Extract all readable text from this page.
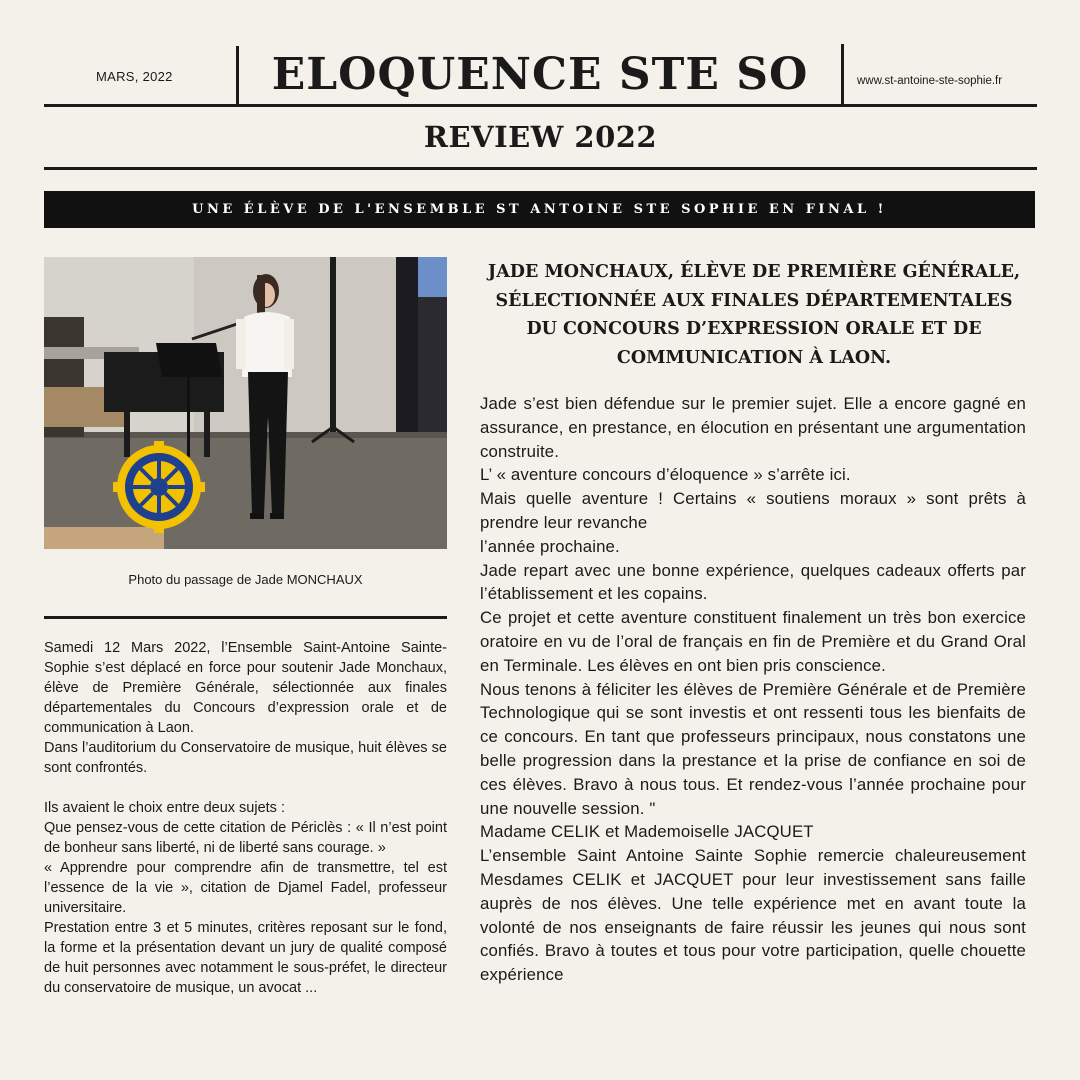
MARS, 2022	ELOQUENCE STE SO	www.st-antoine-ste-sophie.fr
REVIEW 2022
UNE ÉLÈVE DE L'ENSEMBLE ST ANTOINE STE SOPHIE EN FINAL !
Photo du passage de Jade MONCHAUX

Samedi 12 Mars 2022, l’Ensemble Saint-Antoine Sainte-Sophie s’est déplacé en force pour soutenir Jade Monchaux, élève de Première Générale, sélectionnée aux finales départementales du Concours d’expression orale et de communication à Laon.

Dans l’auditorium du Conservatoire de musique, huit élèves se sont confrontés.

Ils avaient le choix entre deux sujets :

Que pensez-vous de cette citation de Périclès : « Il n’est point de bonheur sans liberté, ni de liberté sans courage. »

« Apprendre pour comprendre afin de transmettre, tel est l’essence de la vie », citation de Djamel Fadel, professeur universitaire.

Prestation entre 3 et 5 minutes, critères reposant sur le fond, la forme et la présentation devant un jury de qualité composé de huit personnes avec notamment le sous-préfet, le directeur du conservatoire de musique, un avocat ...

JADE MONCHAUX, ÉLÈVE DE PREMIÈRE GÉNÉRALE, SÉLECTIONNÉE AUX FINALES DÉPARTEMENTALES DU CONCOURS D’EXPRESSION ORALE ET DE COMMUNICATION À LAON.

Jade s’est bien défendue sur le premier sujet. Elle a encore gagné en assurance, en prestance, en élocution en présentant une argumentation construite.

L’ « aventure concours d’éloquence » s’arrête ici.

Mais quelle aventure ! Certains « soutiens moraux » sont prêts à prendre leur revanche

l’année prochaine.

Jade repart avec une bonne expérience, quelques cadeaux offerts par l’établissement et les copains.

Ce projet et cette aventure constituent finalement un très bon exercice oratoire en vu de l’oral de français en fin de Première et du Grand Oral en Terminale. Les élèves en ont bien pris conscience.

Nous tenons à féliciter les élèves de Première Générale et de Première Technologique qui se sont investis et ont ressenti tous les bienfaits de ce concours. En tant que professeurs principaux, nous constatons une belle progression dans la prestance et la prise de confiance en soi de ces élèves. Bravo à nous tous. Et rendez-vous l’année prochaine pour une nouvelle session. "

Madame CELIK et Mademoiselle JACQUET

L’ensemble Saint Antoine Sainte Sophie remercie chaleureusement Mesdames CELIK et JACQUET pour leur investissement sans faille auprès de nos élèves. Une telle expérience met en avant toute la volonté de nos enseignants de faire réussir les jeunes qui nous sont confiés. Bravo à toutes et tous pour votre participation, quelle chouette expérience
